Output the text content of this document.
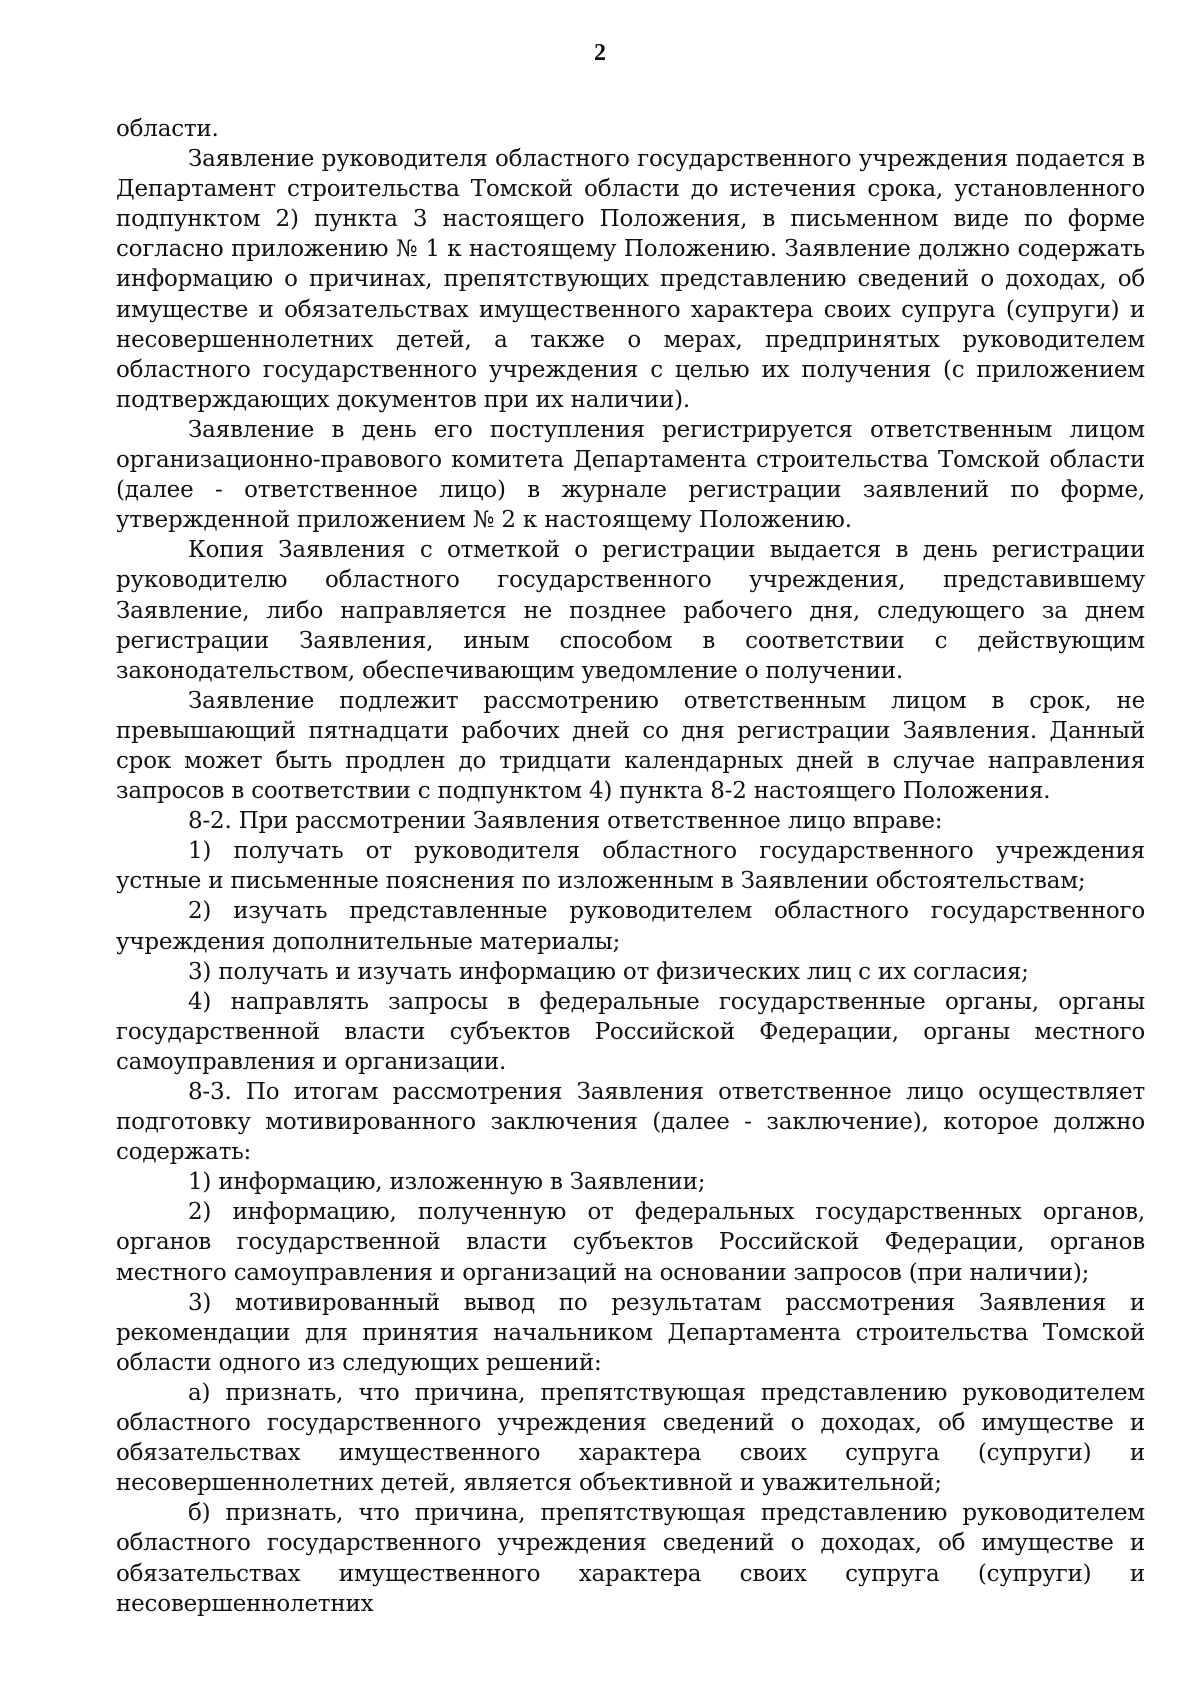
2

области.

Заявление руководителя областного государственного учреждения подается в Департамент строительства Томской области до истечения срока, установленного подпунктом 2) пункта 3 настоящего Положения, в письменном виде по форме согласно приложению № 1 к настоящему Положению. Заявление должно содержать информацию о причинах, препятствующих представлению сведений о доходах, об имуществе и обязательствах имущественного характера своих супруга (супруги) и несовершеннолетних детей, а также о мерах, предпринятых руководителем областного государственного учреждения с целью их получения (с приложением подтверждающих документов при их наличии).

Заявление в день его поступления регистрируется ответственным лицом организационно-правового комитета Департамента строительства Томской области (далее - ответственное лицо) в журнале регистрации заявлений по форме, утвержденной приложением № 2 к настоящему Положению.

Копия Заявления с отметкой о регистрации выдается в день регистрации руководителю областного государственного учреждения, представившему Заявление, либо направляется не позднее рабочего дня, следующего за днем регистрации Заявления, иным способом в соответствии с действующим законодательством, обеспечивающим уведомление о получении.

Заявление подлежит рассмотрению ответственным лицом в срок, не превышающий пятнадцати рабочих дней со дня регистрации Заявления. Данный срок может быть продлен до тридцати календарных дней в случае направления запросов в соответствии с подпунктом 4) пункта 8-2 настоящего Положения.

8-2. При рассмотрении Заявления ответственное лицо вправе:

1) получать от руководителя областного государственного учреждения устные и письменные пояснения по изложенным в Заявлении обстоятельствам;

2) изучать представленные руководителем областного государственного учреждения дополнительные материалы;

3) получать и изучать информацию от физических лиц с их согласия;

4) направлять запросы в федеральные государственные органы, органы государственной власти субъектов Российской Федерации, органы местного самоуправления и организации.

8-3. По итогам рассмотрения Заявления ответственное лицо осуществляет подготовку мотивированного заключения (далее - заключение), которое должно содержать:

1) информацию, изложенную в Заявлении;

2) информацию, полученную от федеральных государственных органов, органов государственной власти субъектов Российской Федерации, органов местного самоуправления и организаций на основании запросов (при наличии);

3) мотивированный вывод по результатам рассмотрения Заявления и рекомендации для принятия начальником Департамента строительства Томской области одного из следующих решений:

а) признать, что причина, препятствующая представлению руководителем областного государственного учреждения сведений о доходах, об имуществе и обязательствах имущественного характера своих супруга (супруги) и несовершеннолетних детей, является объективной и уважительной;

б) признать, что причина, препятствующая представлению руководителем областного государственного учреждения сведений о доходах, об имуществе и обязательствах имущественного характера своих супруга (супруги) и несовершеннолетних
